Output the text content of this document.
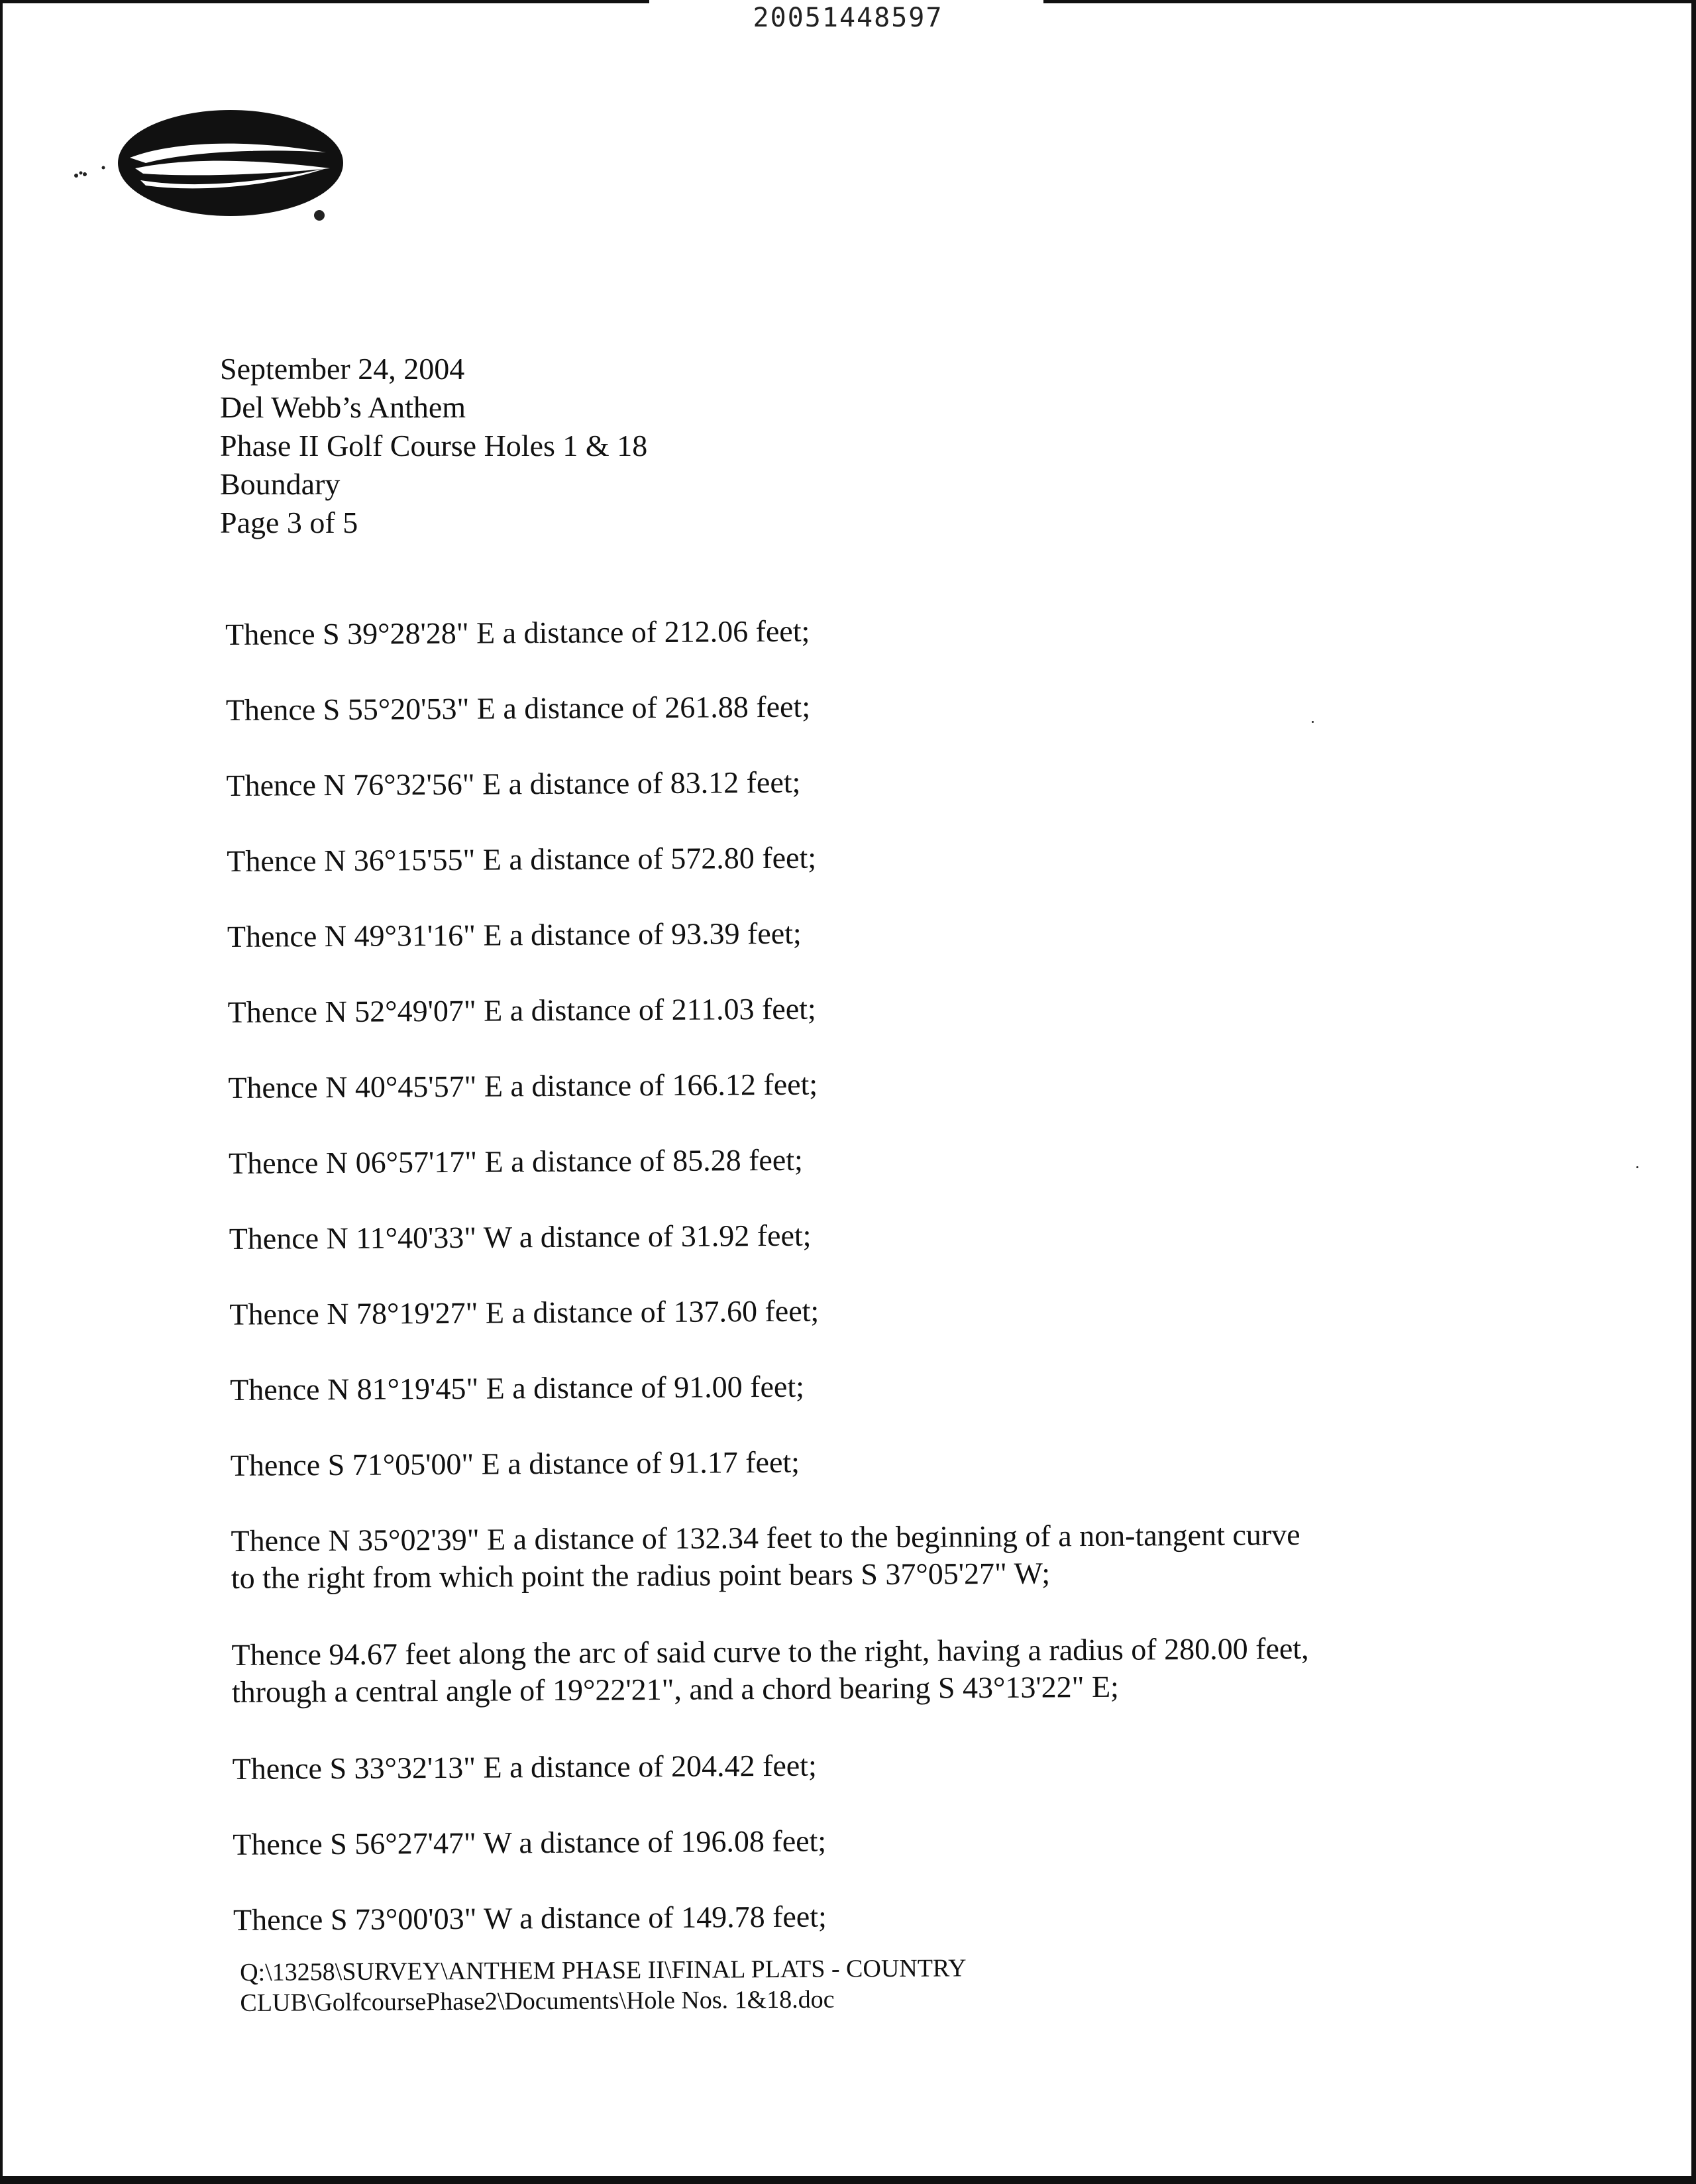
20051448597
September 24, 2004
Del Webb’s Anthem
Phase II Golf Course Holes 1 & 18
Boundary
Page 3 of 5
Thence S 39°28'28" E a distance of 212.06 feet;
Thence S 55°20'53" E a distance of 261.88 feet;
Thence N 76°32'56" E a distance of 83.12 feet;
Thence N 36°15'55" E a distance of 572.80 feet;
Thence N 49°31'16" E a distance of 93.39 feet;
Thence N 52°49'07" E a distance of 211.03 feet;
Thence N 40°45'57" E a distance of 166.12 feet;
Thence N 06°57'17" E a distance of 85.28 feet;
Thence N 11°40'33" W a distance of 31.92 feet;
Thence N 78°19'27" E a distance of 137.60 feet;
Thence N 81°19'45" E a distance of 91.00 feet;
Thence S 71°05'00" E a distance of 91.17 feet;
Thence N 35°02'39" E a distance of 132.34 feet to the beginning of a non-tangent curve
to the right from which point the radius point bears S 37°05'27" W;
Thence 94.67 feet along the arc of said curve to the right, having a radius of 280.00 feet,
through a central angle of 19°22'21", and a chord bearing S 43°13'22" E;
Thence S 33°32'13" E a distance of 204.42 feet;
Thence S 56°27'47" W a distance of 196.08 feet;
Thence S 73°00'03" W a distance of 149.78 feet;
Q:\13258\SURVEY\ANTHEM PHASE II\FINAL PLATS - COUNTRY
CLUB\GolfcoursePhase2\Documents\Hole Nos. 1&18.doc
